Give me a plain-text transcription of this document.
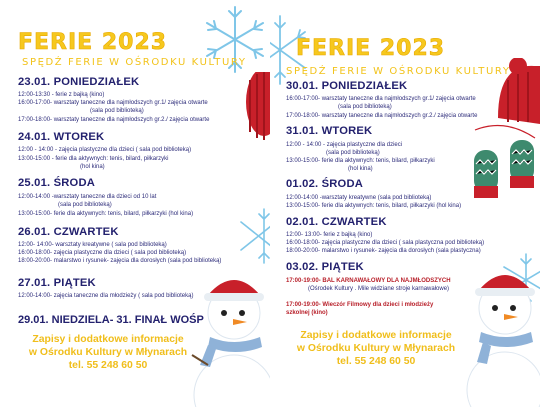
FERIE 2023
SPĘDŹ FERIE W OŚRODKU KULTURY
23.01. PONIEDZIAŁEK
12:00-13:30 - ferie z bajką (kino)
16:00-17:00- warsztaty taneczne dla najmłodszych gr.1/ zajęcia otwarte
(sala pod biblioteką)
17:00-18:00- warsztaty taneczne dla najmłodszych gr.2./ zajęcia otwarte
24.01. WTOREK
12:00 - 14:00 - zajęcia plastyczne dla dzieci ( sala pod biblioteką)
13:00-15:00 - ferie dla aktywnych: tenis, bilard, piłkarzyki
(hol kina)
25.01. ŚRODA
12:00-14:00 -warsztaty taneczne dla dzieci od 10 lat
(sala pod biblioteką)
13:00-15:00- ferie dla aktywnych: tenis, bilard, piłkarzyki (hol kina)
26.01. CZWARTEK
12:00- 14:00- warsztaty kreatywne ( sala pod biblioteką)
16:00-18:00- zajęcia plastyczne dla dzieci ( sala pod biblioteką)
18:00-20:00- malarstwo i rysunek- zajęcia dla dorosłych (sala pod biblioteką)
27.01. PIĄTEK
12:00-14:00- zajęcia taneczne dla młodzieży ( sala pod biblioteką)
29.01. NIEDZIELA- 31. FINAŁ WOŚP
Zapisy i dodatkowe informacje
w Ośrodku Kultury w Młynarach
tel. 55 248 60 50
FERIE 2023
SPĘDŹ FERIE W OŚRODKU KULTURY
30.01. PONIEDZIAŁEK
16:00-17:00- warsztaty taneczne dla najmłodszych gr.1/ zajęcia otwarte
(sala pod biblioteką)
17:00-18:00- warsztaty taneczne dla najmłodszych gr.2./ zajęcia otwarte
31.01. WTOREK
12:00 - 14:00 - zajęcia plastyczne dla dzieci
(sala pod biblioteką)
13:00-15:00- ferie dla aktywnych: tenis, bilard, piłkarzyki
(hol kina)
01.02. ŚRODA
12:00-14:00 -warsztaty kreatywne (sala pod biblioteką)
13:00-15:00- ferie dla aktywnych: tenis, bilard, piłkarzyki (hol kina)
02.01. CZWARTEK
12:00- 13:00- ferie z bajką (kino)
16:00-18:00- zajęcia plastyczne dla dzieci ( sala plastyczna pod biblioteką)
18:00-20:00- malarstwo i rysunek- zajęcia dla dorosłych (sala plastyczna)
03.02. PIĄTEK
17:00-19:00- BAL KARNAWAŁOWY DLA NAJMŁODSZYCH
(Ośrodek Kultury . Mile widziane stroje karnawałowe)
17:00-19:00- Wieczór Filmowy dla dzieci i młodzieży
szkolnej (kino)
Zapisy i dodatkowe informacje
w Ośrodku Kultury w Młynarach
tel. 55 248 60 50
